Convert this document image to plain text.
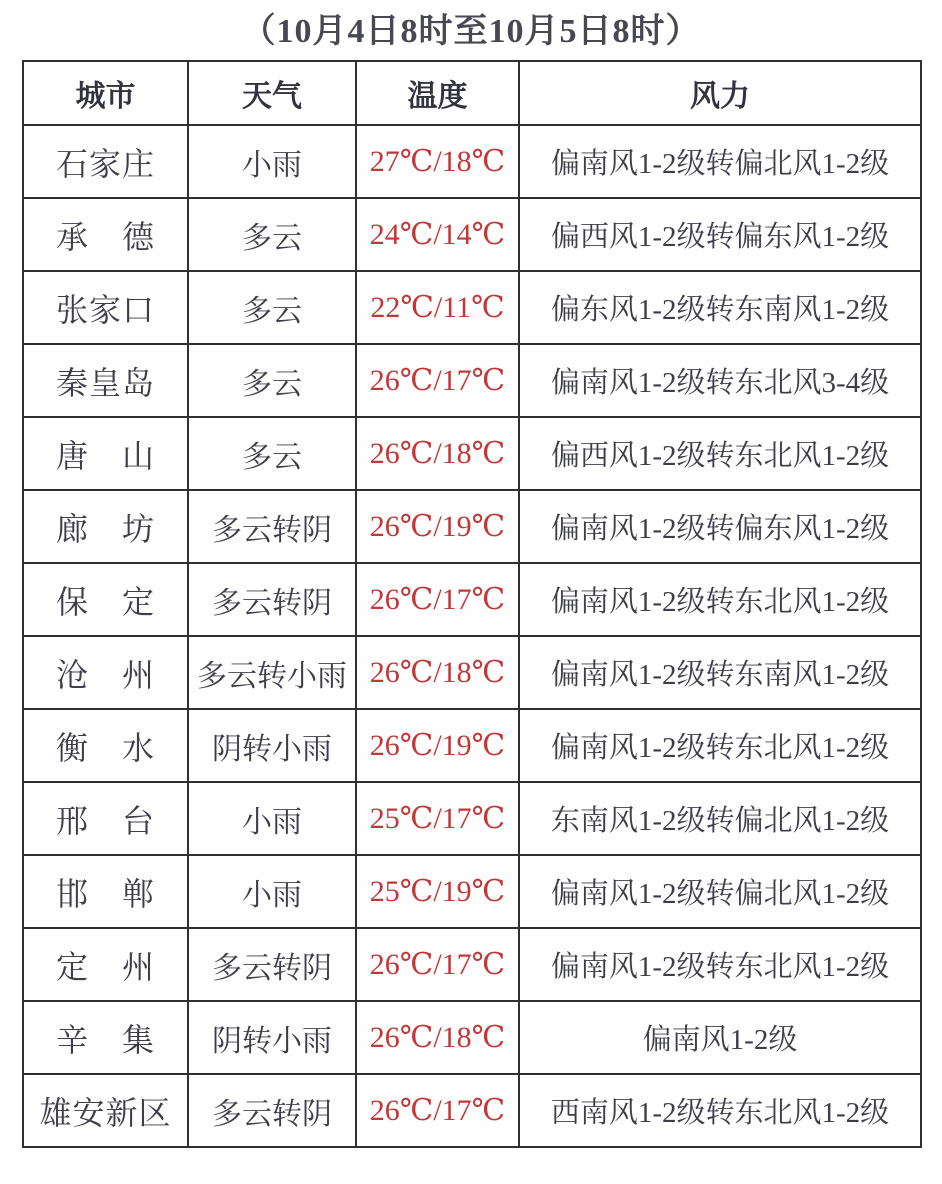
（10月4日8时至10月5日8时）
城市	天气	温度	风力
石家庄	小雨	27℃/18℃	偏南风1-2级转偏北风1-2级
承　德	多云	24℃/14℃	偏西风1-2级转偏东风1-2级
张家口	多云	22℃/11℃	偏东风1-2级转东南风1-2级
秦皇岛	多云	26℃/17℃	偏南风1-2级转东北风3-4级
唐　山	多云	26℃/18℃	偏西风1-2级转东北风1-2级
廊　坊	多云转阴	26℃/19℃	偏南风1-2级转偏东风1-2级
保　定	多云转阴	26℃/17℃	偏南风1-2级转东北风1-2级
沧　州	多云转小雨	26℃/18℃	偏南风1-2级转东南风1-2级
衡　水	阴转小雨	26℃/19℃	偏南风1-2级转东北风1-2级
邢　台	小雨	25℃/17℃	东南风1-2级转偏北风1-2级
邯　郸	小雨	25℃/19℃	偏南风1-2级转偏北风1-2级
定　州	多云转阴	26℃/17℃	偏南风1-2级转东北风1-2级
辛　集	阴转小雨	26℃/18℃	偏南风1-2级
雄安新区	多云转阴	26℃/17℃	西南风1-2级转东北风1-2级
